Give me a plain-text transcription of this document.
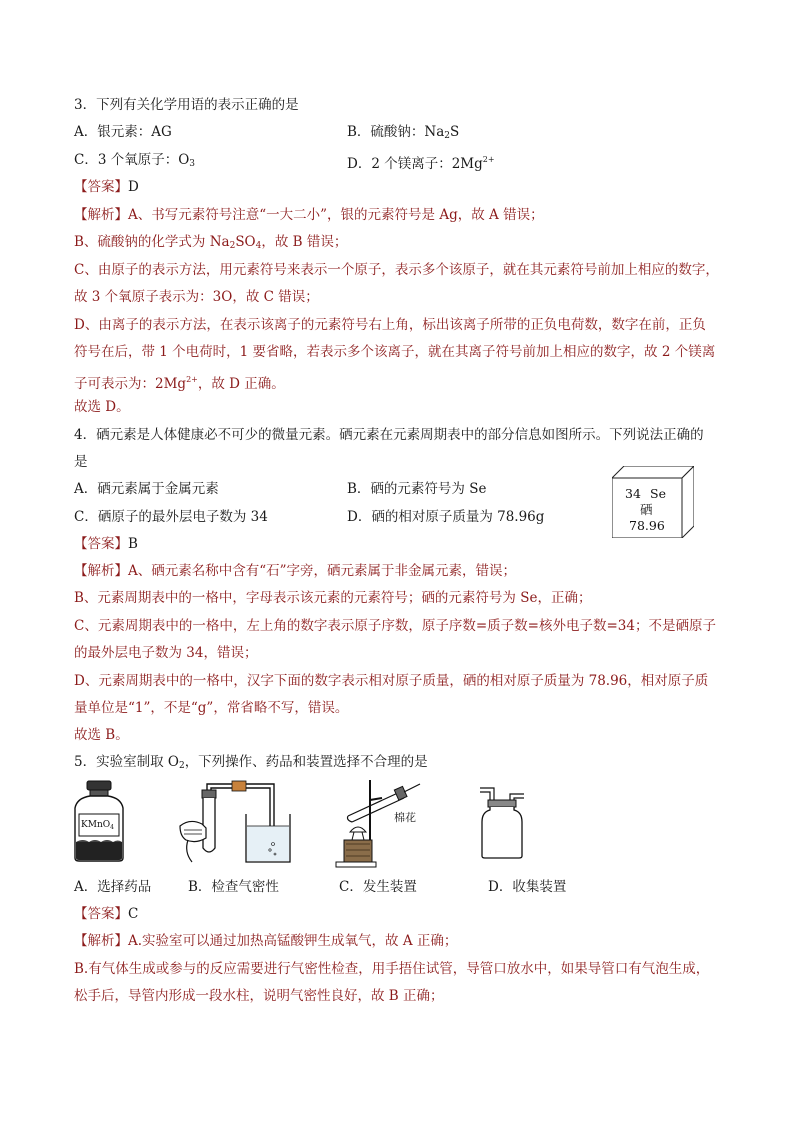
3．下列有关化学用语的表示正确的是
A．银元素：AG	B．硫酸钠：$Na_2S$
C．3 个氧原子：$O_3$	D．2 个镁离子：$2Mg^{2+}$
【答案】D
【解析】A、书写元素符号注意“一大二小”，银的元素符号是 Ag，故 A 错误；
B、硫酸钠的化学式为 $Na_2SO_4$，故 B 错误；
C、由原子的表示方法，用元素符号来表示一个原子，表示多个该原子，就在其元素符号前加上相应的数字，
故 3 个氧原子表示为：3O，故 C 错误；
D、由离子的表示方法，在表示该离子的元素符号右上角，标出该离子所带的正负电荷数，数字在前，正负
符号在后，带 1 个电荷时，1 要省略，若表示多个该离子，就在其离子符号前加上相应的数字，故 2 个镁离
子可表示为：$2Mg^{2+}$，故 D 正确。
故选 D。
4．硒元素是人体健康必不可少的微量元素。硒元素在元素周期表中的部分信息如图所示。下列说法正确的
是
A．硒元素属于金属元素	B．硒的元素符号为 Se
C．硒原子的最外层电子数为 34	D．硒的相对原子质量为 78.96g
34 Se
硒
78.96
【答案】B
【解析】A、硒元素名称中含有“石”字旁，硒元素属于非金属元素，错误；
B、元素周期表中的一格中，字母表示该元素的元素符号；硒的元素符号为 Se，正确；
C、元素周期表中的一格中，左上角的数字表示原子序数，原子序数=质子数=核外电子数=34；不是硒原子
的最外层电子数为 34，错误；
D、元素周期表中的一格中，汉字下面的数字表示相对原子质量，硒的相对原子质量为 78.96，相对原子质
量单位是“1”，不是“g”，常省略不写，错误。
故选 B。
5．实验室制取 $O_2$，下列操作、药品和装置选择不合理的是
KMnO$_4$
棉花
A．选择药品	B．检查气密性	C．发生装置	D．收集装置
【答案】C
【解析】A.实验室可以通过加热高锰酸钾生成氧气，故 A 正确；
B.有气体生成或参与的反应需要进行气密性检查，用手捂住试管，导管口放水中，如果导管口有气泡生成，
松手后，导管内形成一段水柱，说明气密性良好，故 B 正确；
